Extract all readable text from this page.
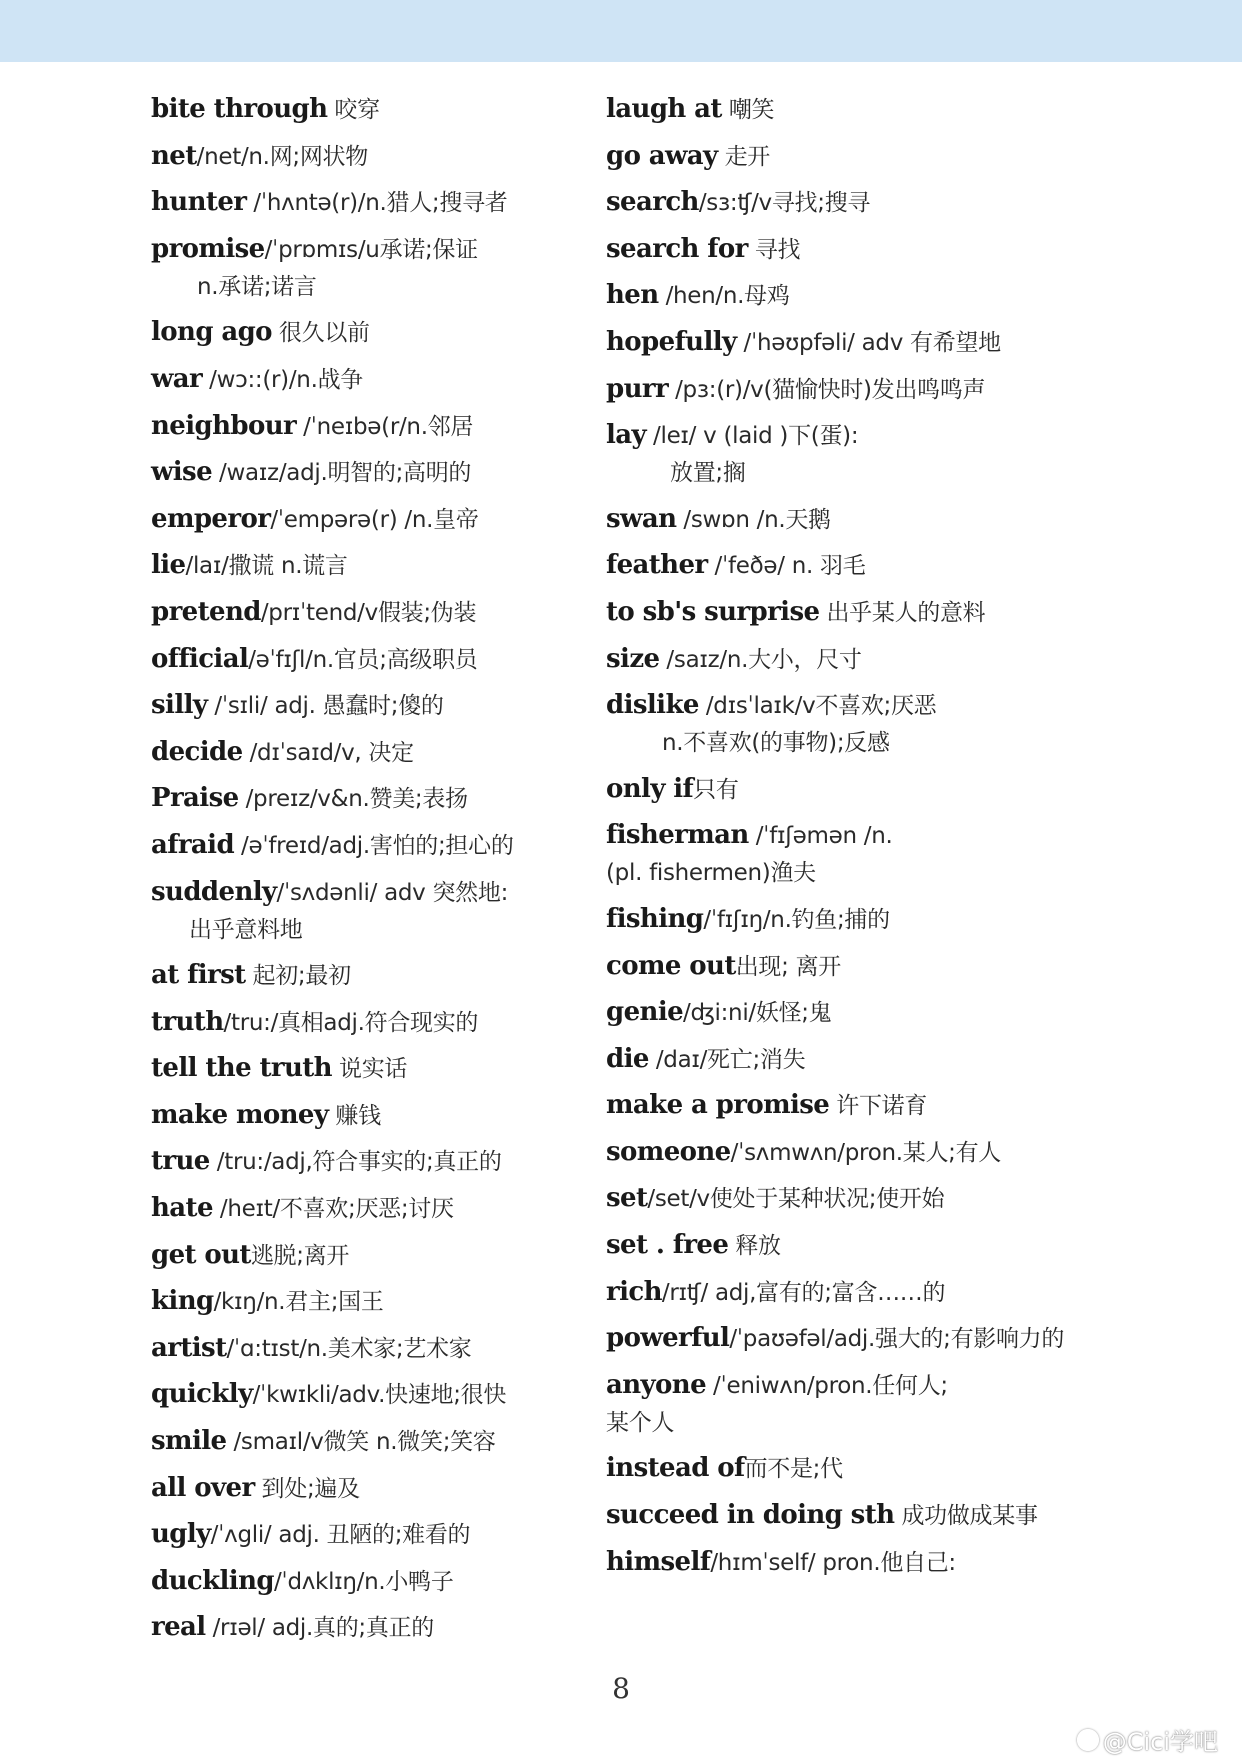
bite through 咬穿
net/net/n.网;网状物
hunter /ˈhʌntə(r)/n.猎人;搜寻者
promise/ˈprɒmɪs/u承诺;保证
n.承诺;诺言
long ago 很久以前
war /wɔ::(r)/n.战争
neighbour /ˈneɪbə(r/n.邻居
wise /waɪz/adj.明智的;高明的
emperor/ˈempərə(r) /n.皇帝
lie/laɪ/撒谎 n.谎言
pretend/prɪˈtend/v假装;伪装
official/əˈfɪʃl/n.官员;高级职员
silly /ˈsɪli/ adj. 愚蠢时;傻的
decide /dɪˈsaɪd/v, 决定
Praise /preɪz/v&n.赞美;表扬
afraid /əˈfreɪd/adj.害怕的;担心的
suddenly/ˈsʌdənli/ adv 突然地:
出乎意料地
at first 起初;最初
truth/tru:/真相adj.符合现实的
tell the truth 说实话
make money 赚钱
true /tru:/adj,符合事实的;真正的
hate /heɪt/不喜欢;厌恶;讨厌
get out逃脱;离开
king/kɪŋ/n.君主;国王
artist/ˈɑ:tɪst/n.美术家;艺术家
quickly/ˈkwɪkli/adv.快速地;很快
smile /smaɪl/v微笑 n.微笑;笑容
all over 到处;遍及
ugly/ˈʌgli/ adj. 丑陋的;难看的
duckling/ˈdʌklɪŋ/n.小鸭子
real /rɪəl/ adj.真的;真正的
laugh at 嘲笑
go away 走开
search/sɜ:ʧ/v寻找;搜寻
search for 寻找
hen /hen/n.母鸡
hopefully /ˈhəʊpfəli/ adv 有希望地
purr /pɜ:(r)/v(猫愉快时)发出鸣鸣声
lay /leɪ/ v (laid )下(蛋):
放置;搁
swan /swɒn /n.天鹅
feather /ˈfeðə/ n. 羽毛
to sb's surprise 出乎某人的意料
size /saɪz/n.大小，尺寸
dislike /dɪsˈlaɪk/v不喜欢;厌恶
n.不喜欢(的事物);反感
only if只有
fisherman /ˈfɪʃəmən /n.
(pl. fishermen)渔夫
fishing/ˈfɪʃɪŋ/n.钓鱼;捕的
come out出现; 离开
genie/ʤi:ni/妖怪;鬼
die /daɪ/死亡;消失
make a promise 许下诺育
someone/ˈsʌmwʌn/pron.某人;有人
set/set/v使处于某种状况;使开始
set . free 释放
rich/rɪʧ/ adj,富有的;富含……的
powerful/ˈpaʊəfəl/adj.强大的;有影响力的
anyone /ˈeniwʌn/pron.任何人;
某个人
instead of而不是;代
succeed in doing sth 成功做成某事
himself/hɪmˈself/ pron.他自己:
8
@Cici学吧
